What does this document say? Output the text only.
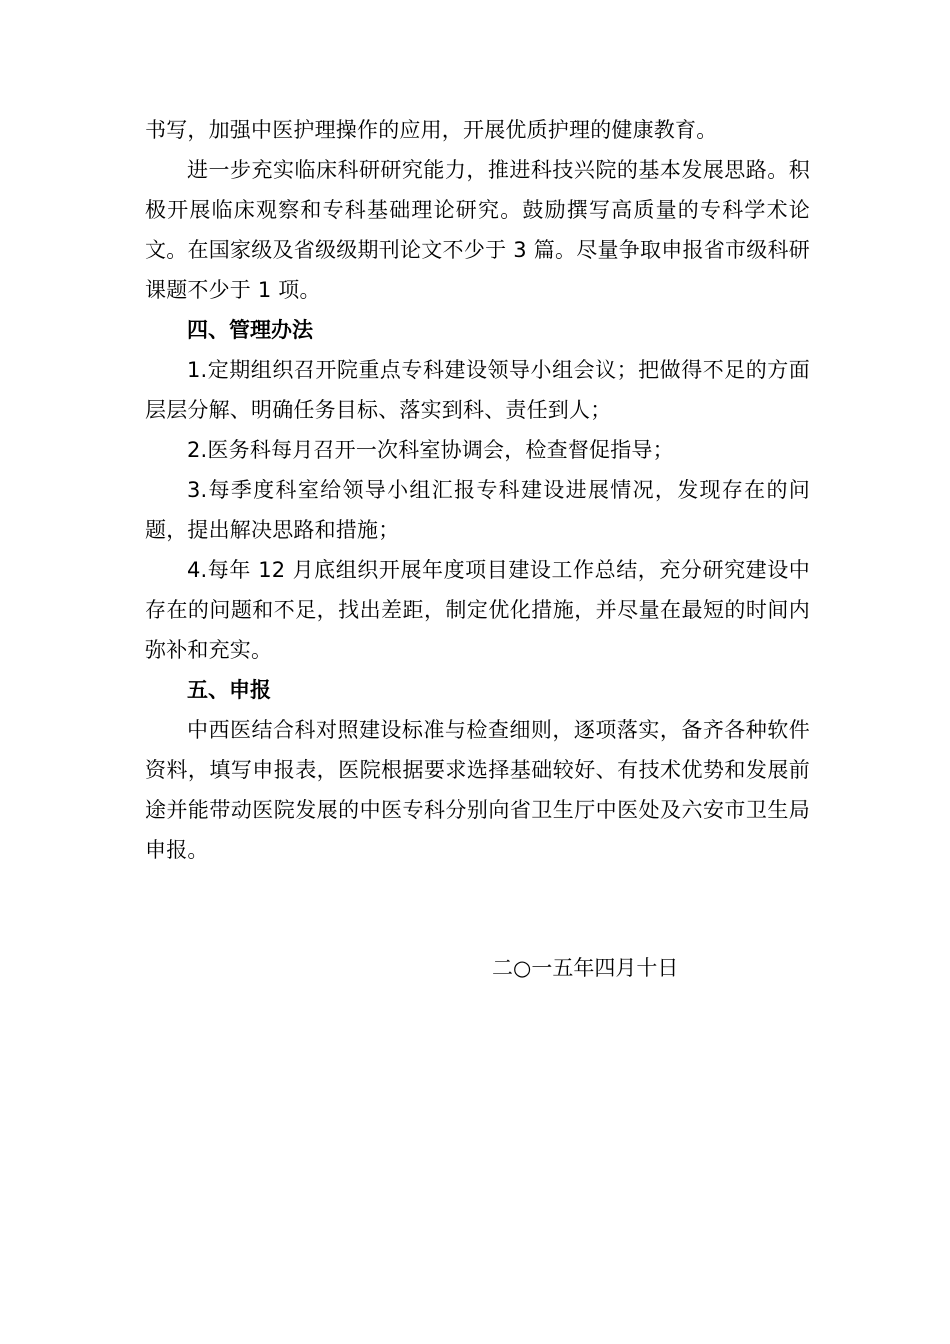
书写，加强中医护理操作的应用，开展优质护理的健康教育。

进一步充实临床科研研究能力，推进科技兴院的基本发展思路。积极开展临床观察和专科基础理论研究。鼓励撰写高质量的专科学术论文。在国家级及省级级期刊论文不少于 3 篇。尽量争取申报省市级科研课题不少于 1 项。

四、管理办法

1.定期组织召开院重点专科建设领导小组会议；把做得不足的方面层层分解、明确任务目标、落实到科、责任到人；

2.医务科每月召开一次科室协调会，检查督促指导；

3.每季度科室给领导小组汇报专科建设进展情况，发现存在的问题，提出解决思路和措施；

4.每年 12 月底组织开展年度项目建设工作总结，充分研究建设中存在的问题和不足，找出差距，制定优化措施，并尽量在最短的时间内弥补和充实。

五、申报

中西医结合科对照建设标准与检查细则，逐项落实，备齐各种软件资料，填写申报表，医院根据要求选择基础较好、有技术优势和发展前途并能带动医院发展的中医专科分别向省卫生厅中医处及六安市卫生局申报。

二○一五年四月十日
